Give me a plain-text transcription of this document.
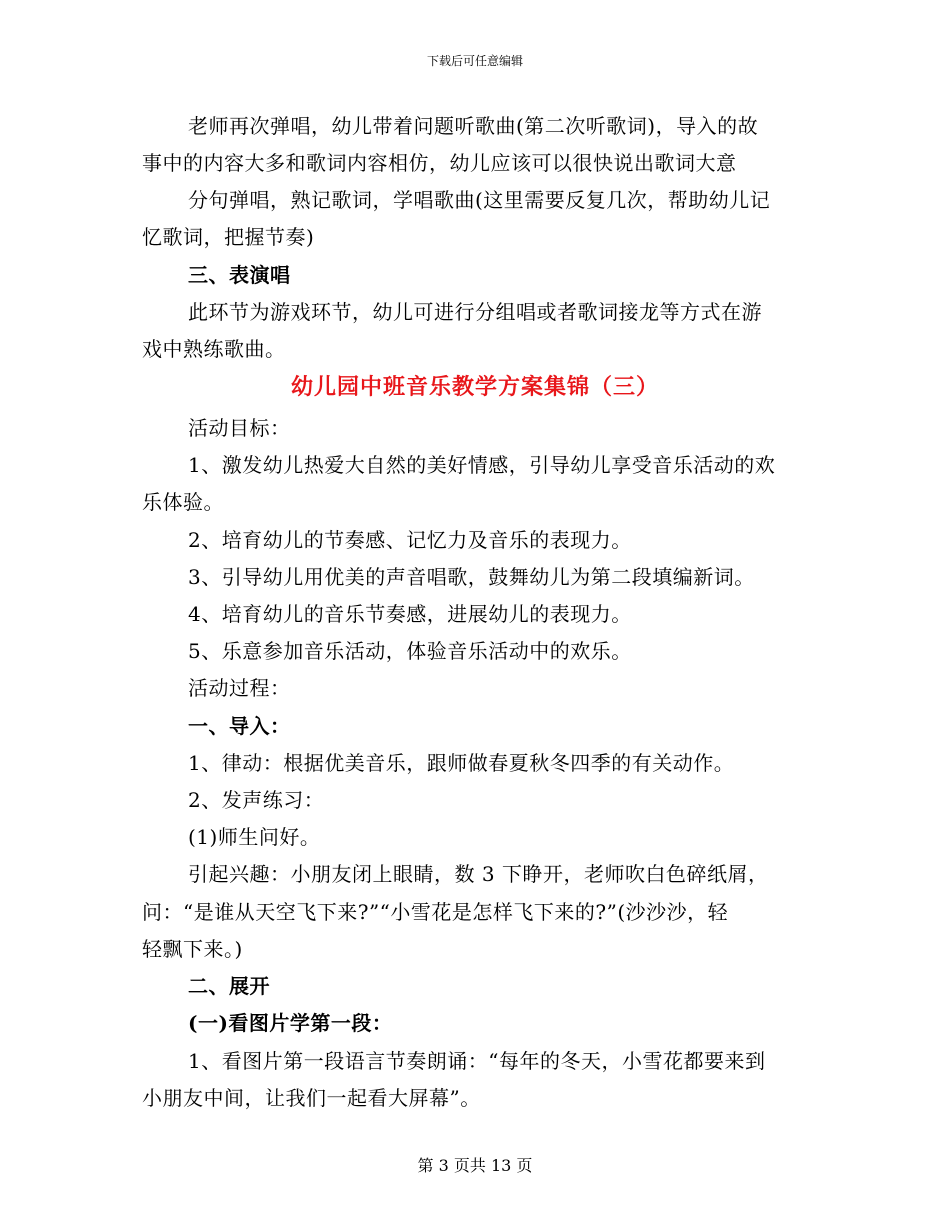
下载后可任意编辑
老师再次弹唱，幼儿带着问题听歌曲(第二次听歌词)，导入的故
事中的内容大多和歌词内容相仿，幼儿应该可以很快说出歌词大意
分句弹唱，熟记歌词，学唱歌曲(这里需要反复几次，帮助幼儿记
忆歌词，把握节奏)
三、表演唱
此环节为游戏环节，幼儿可进行分组唱或者歌词接龙等方式在游
戏中熟练歌曲。
幼儿园中班音乐教学方案集锦（三）
活动目标：
1、激发幼儿热爱大自然的美好情感，引导幼儿享受音乐活动的欢
乐体验。
2、培育幼儿的节奏感、记忆力及音乐的表现力。
3、引导幼儿用优美的声音唱歌，鼓舞幼儿为第二段填编新词。
4、培育幼儿的音乐节奏感，进展幼儿的表现力。
5、乐意参加音乐活动，体验音乐活动中的欢乐。
活动过程：
一、导入：
1、律动：根据优美音乐，跟师做春夏秋冬四季的有关动作。
2、发声练习：
(1)师生问好。
引起兴趣：小朋友闭上眼睛，数 3 下睁开，老师吹白色碎纸屑，
问：“是谁从天空飞下来?”“小雪花是怎样飞下来的?”(沙沙沙，轻
轻飘下来。)
二、展开
(一)看图片学第一段：
1、看图片第一段语言节奏朗诵：“每年的冬天，小雪花都要来到
小朋友中间，让我们一起看大屏幕”。
第 3 页共 13 页
